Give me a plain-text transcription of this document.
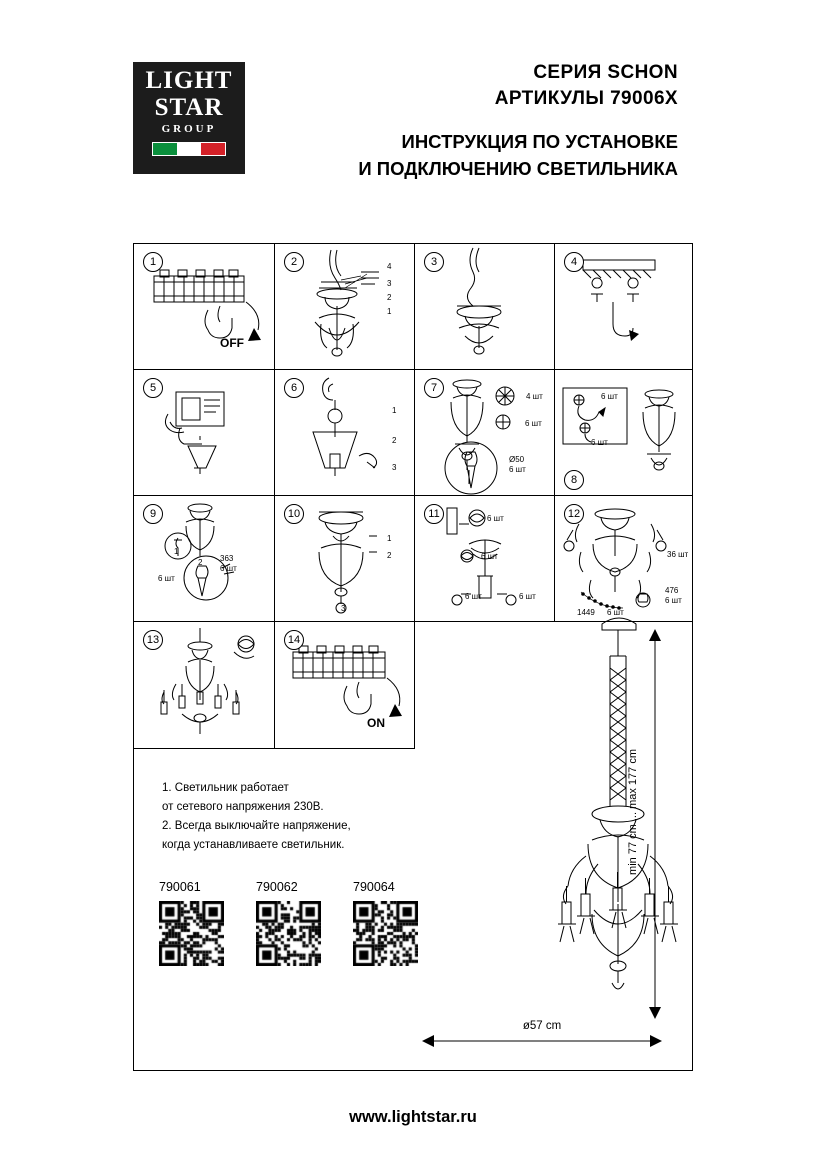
LIGHT
STAR
GROUP
СЕРИЯ SCHON
АРТИКУЛЫ 79006X
ИНСТРУКЦИЯ ПО УСТАНОВКЕ
И ПОДКЛЮЧЕНИЮ СВЕТИЛЬНИКА
1
OFF
2	4
3
2
1
3	4
5	6
1
2
3
7
4 шт
6 шт
Ø50
6 шт
8
6 шт
6 шт
9
1
6 шт
2 363
6 шт
10
1
2
3
11	6 шт
6 шт
6 шт	6 шт
12
36 шт
476
6 шт
1449 6 шт
13	14
ON
1. Светильник работает
от сетевого напряжения 230В.
2. Всегда выключайте напряжение,
когда устанавливаете светильник.
790061	790062	790064
min 77 cm ... max 177 cm
ø57 cm
www.lightstar.ru
